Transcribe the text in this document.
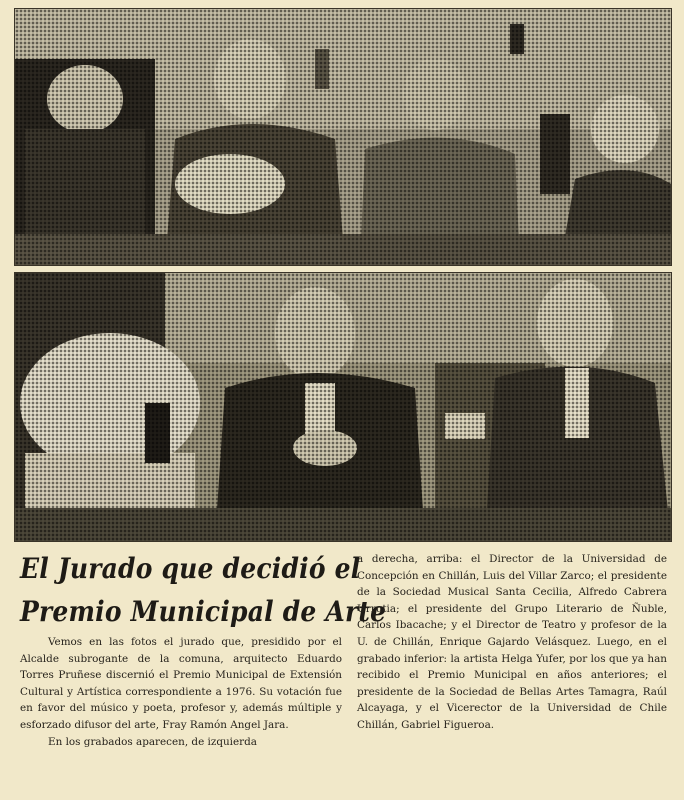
El Jurado que decidió el
Premio Municipal de Arte

Vemos en las fotos el jurado que, presidido por el Alcalde subrogante de la comuna, arquitecto Eduardo Torres Pruñese discernió el Premio Municipal de Extensión Cultural y Artística correspondiente a 1976. Su votación fue en favor del músico y poeta, profesor y, además múltiple y esforzado difusor del arte, Fray Ramón Angel Jara.

En los grabados aparecen, de izquierda

a derecha, arriba: el Director de la Universidad de Concepción en Chillán, Luis del Villar Zarco; el presidente de la Sociedad Musical Santa Cecilia, Alfredo Cabrera Urrutia; el presidente del Grupo Literario de Ñuble, Carlos Ibacache; y el Director de Teatro y profesor de la U. de Chillán, Enrique Gajardo Velásquez. Luego, en el grabado inferior: la artista Helga Yufer, por los que ya han recibido el Premio Municipal en años anteriores; el presidente de la Sociedad de Bellas Artes Tamagra, Raúl Alcayaga, y el Vicerector de la Universidad de Chile Chillán, Gabriel Figueroa.
